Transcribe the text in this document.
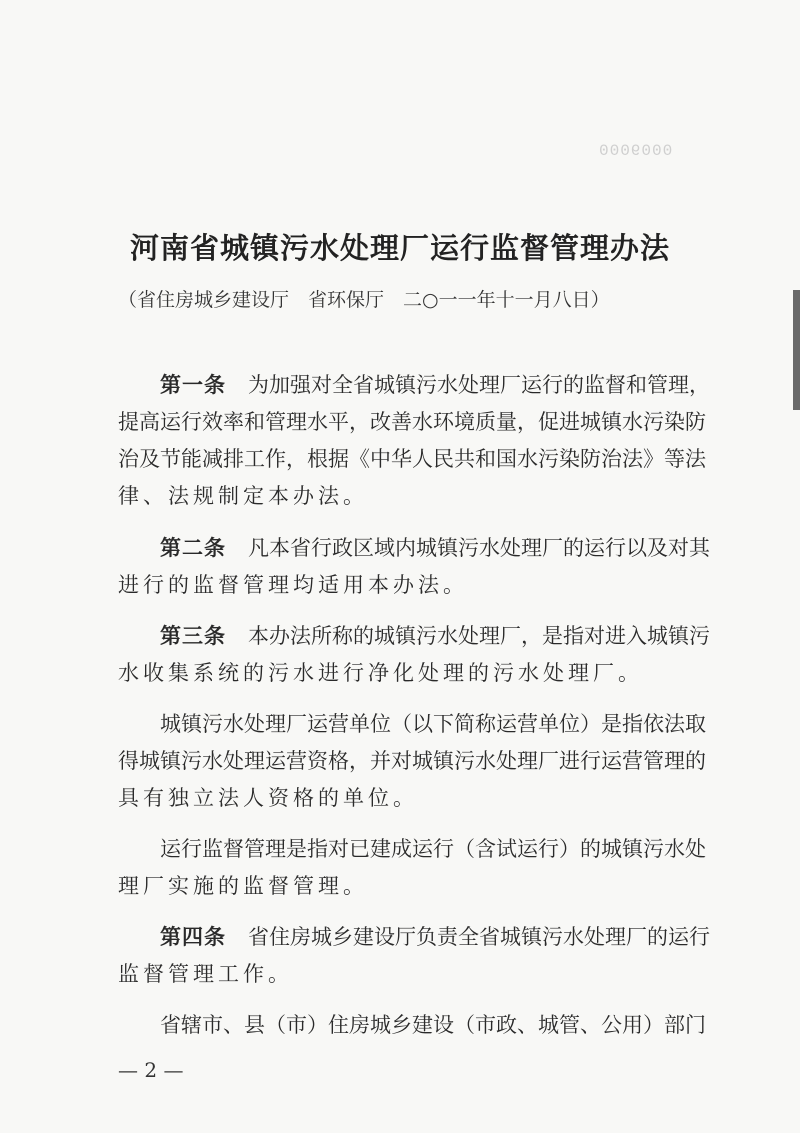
0009000
河南省城镇污水处理厂运行监督管理办法
（省住房城乡建设厅　省环保厅　二○一一年十一月八日）
第一条 为加强对全省城镇污水处理厂运行的监督和管理，
提高运行效率和管理水平，改善水环境质量，促进城镇水污染防
治及节能减排工作，根据《中华人民共和国水污染防治法》等法
律、法规制定本办法。
第二条 凡本省行政区域内城镇污水处理厂的运行以及对其
进行的监督管理均适用本办法。
第三条 本办法所称的城镇污水处理厂，是指对进入城镇污
水收集系统的污水进行净化处理的污水处理厂。
城镇污水处理厂运营单位（以下简称运营单位）是指依法取
得城镇污水处理运营资格，并对城镇污水处理厂进行运营管理的
具有独立法人资格的单位。
运行监督管理是指对已建成运行（含试运行）的城镇污水处
理厂实施的监督管理。
第四条 省住房城乡建设厅负责全省城镇污水处理厂的运行
监督管理工作。
省辖市、县（市）住房城乡建设（市政、城管、公用）部门
— 2 —
